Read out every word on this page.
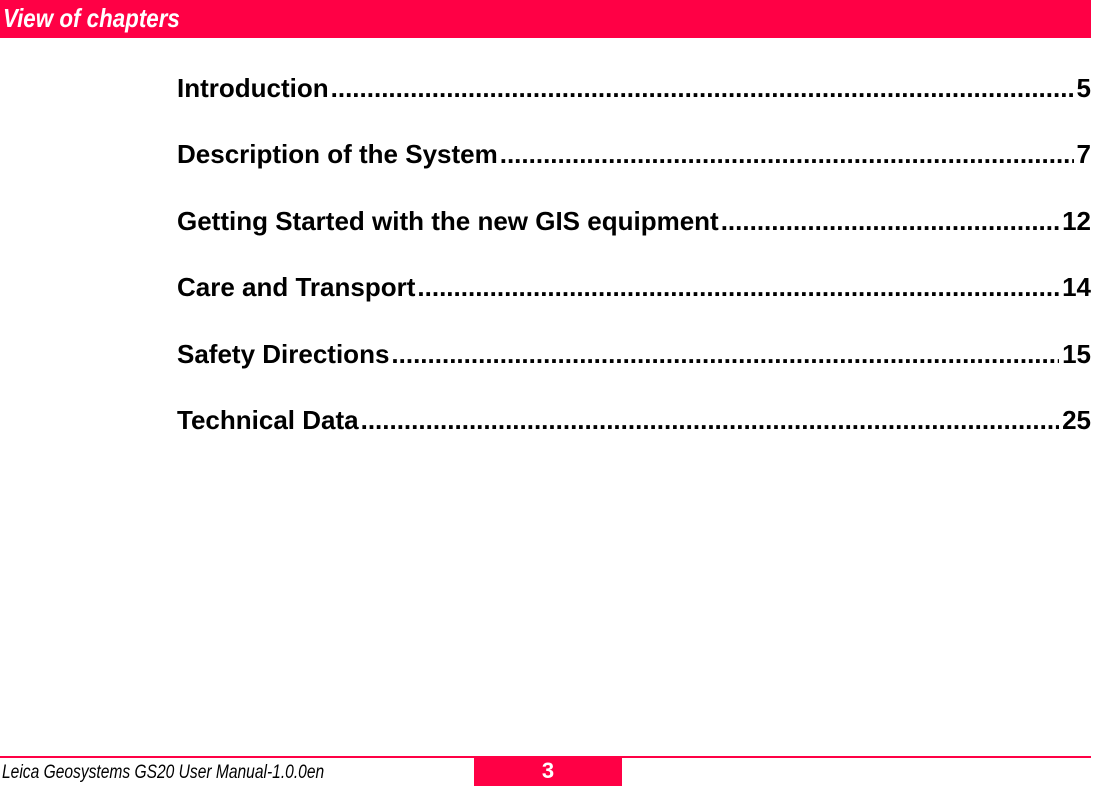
View of chapters
Introduction .....	5
Description of the System .....	7
Getting Started with the new GIS equipment .....	12
Care and Transport .....	14
Safety Directions .....	15
Technical Data .....	25
Leica Geosystems GS20 User Manual-1.0.0en	3
